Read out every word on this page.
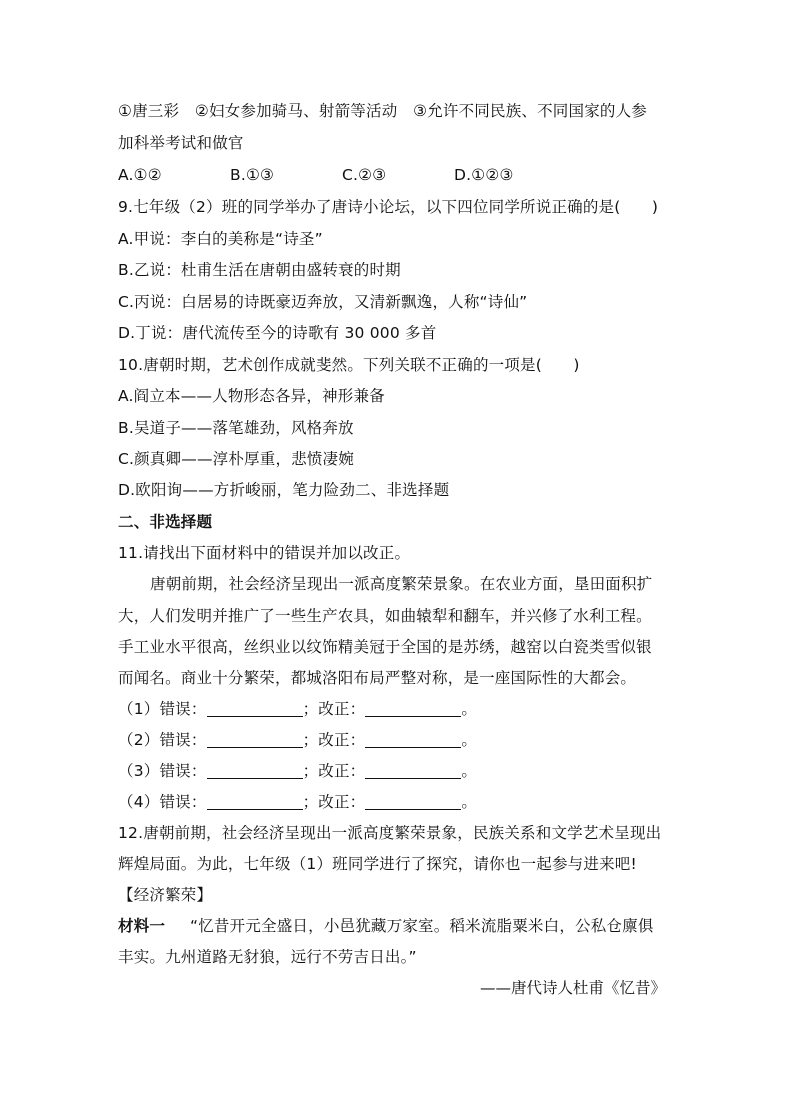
①唐三彩　②妇女参加骑马、射箭等活动　③允许不同民族、不同国家的人参
加科举考试和做官
A.①②	B.①③	C.②③	D.①②③
9.七年级（2）班的同学举办了唐诗小论坛，以下四位同学所说正确的是(　　)
A.甲说：李白的美称是“诗圣”
B.乙说：杜甫生活在唐朝由盛转衰的时期
C.丙说：白居易的诗既豪迈奔放，又清新飘逸，人称“诗仙”
D.丁说：唐代流传至今的诗歌有 30 000 多首
10.唐朝时期，艺术创作成就斐然。下列关联不正确的一项是(　　)
A.阎立本——人物形态各异，神形兼备
B.吴道子——落笔雄劲，风格奔放
C.颜真卿——淳朴厚重，悲愤凄婉
D.欧阳询——方折峻丽，笔力险劲二、非选择题
二、非选择题
11.请找出下面材料中的错误并加以改正。
唐朝前期，社会经济呈现出一派高度繁荣景象。在农业方面，垦田面积扩
大，人们发明并推广了一些生产农具，如曲辕犁和翻车，并兴修了水利工程。
手工业水平很高，丝织业以纹饰精美冠于全国的是苏绣，越窑以白瓷类雪似银
而闻名。商业十分繁荣，都城洛阳布局严整对称，是一座国际性的大都会。
（1）错误：	；改正：	。
（2）错误：	；改正：	。
（3）错误：	；改正：	。
（4）错误：	；改正：	。
12.唐朝前期，社会经济呈现出一派高度繁荣景象，民族关系和文学艺术呈现出
辉煌局面。为此，七年级（1）班同学进行了探究，请你也一起参与进来吧!
【经济繁荣】
材料一 “忆昔开元全盛日，小邑犹藏万家室。稻米流脂粟米白，公私仓廪俱
丰实。九州道路无豺狼，远行不劳吉日出。”
——唐代诗人杜甫《忆昔》
